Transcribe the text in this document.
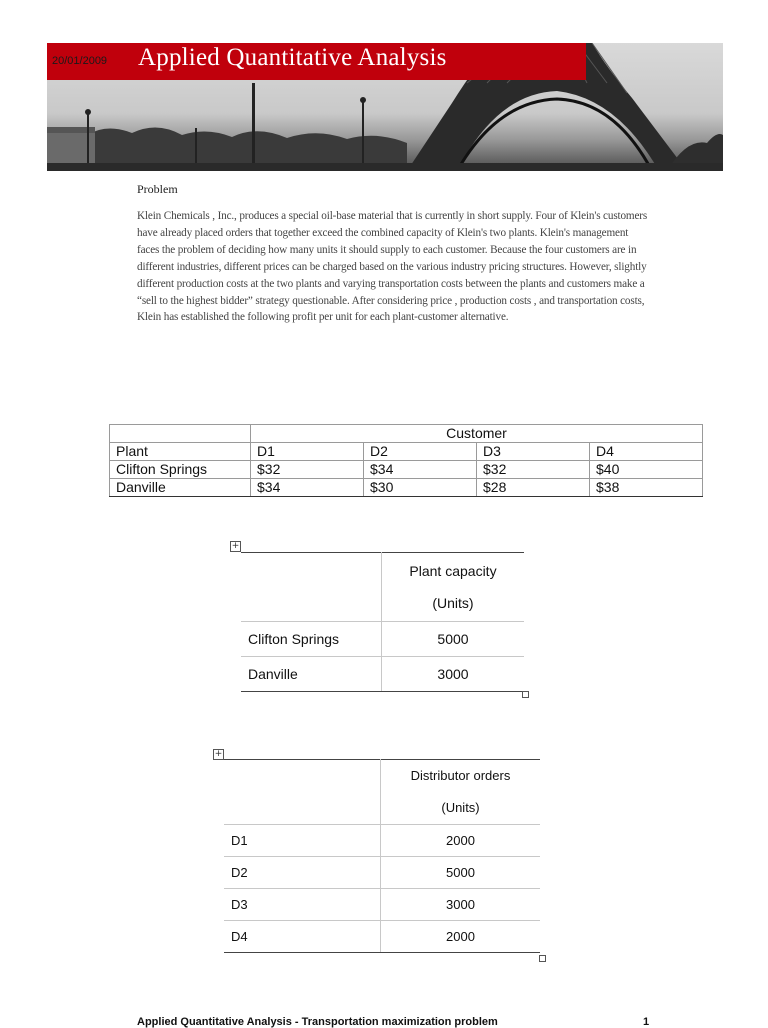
20/01/2009 Applied Quantitative Analysis
Problem
Klein Chemicals , Inc., produces a special oil-base material that is currently in short supply. Four of Klein's customers have already placed orders that together exceed the combined capacity of Klein's two plants. Klein's management faces the problem of deciding how many units it should supply to each customer. Because the four customers are in different industries, different prices can be charged based on the various industry pricing structures. However, slightly different production costs at the two plants and varying transportation costs between the plants and customers make a “sell to the highest bidder” strategy questionable. After considering price , production costs , and transportation costs, Klein has established the following profit per unit for each plant-customer alternative.
	Customer			
Plant	D1	D2	D3	D4
Clifton Springs	$32	$34	$32	$40
Danville	$34	$30	$28	$38
+

	Plant capacity
(Units)

Clifton Springs	5000
Danville	3000
+

	Distributor orders
(Units)

D1	2000
D2	5000
D3	3000
D4	2000
Applied Quantitative Analysis - Transportation maximization problem	1
